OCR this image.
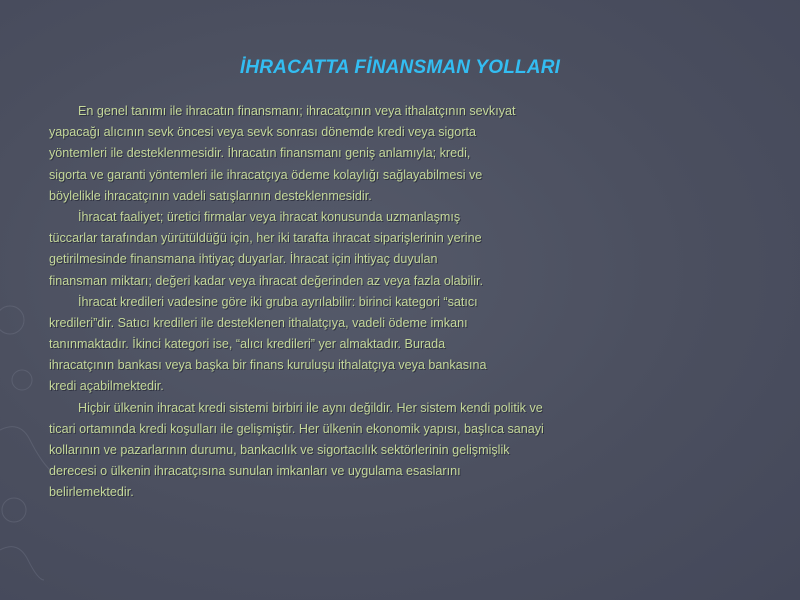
İHRACATTA FİNANSMAN YOLLARI
En genel tanımı ile ihracatın finansmanı; ihracatçının veya ithalatçının sevkıyat
yapacağı alıcının sevk öncesi veya sevk sonrası dönemde kredi veya sigorta
yöntemleri ile desteklenmesidir. İhracatın finansmanı geniş anlamıyla; kredi,
sigorta ve garanti yöntemleri ile ihracatçıya ödeme kolaylığı sağlayabilmesi ve
böylelikle ihracatçının vadeli satışlarının desteklenmesidir.
İhracat faaliyet; üretici firmalar veya ihracat konusunda uzmanlaşmış
tüccarlar tarafından yürütüldüğü için, her iki tarafta ihracat siparişlerinin yerine
getirilmesinde finansmana ihtiyaç duyarlar. İhracat için ihtiyaç duyulan
finansman miktarı; değeri kadar veya ihracat değerinden az veya fazla olabilir.
İhracat kredileri vadesine göre iki gruba ayrılabilir: birinci kategori “satıcı
kredileri”dir. Satıcı kredileri ile desteklenen ithalatçıya, vadeli ödeme imkanı
tanınmaktadır. İkinci kategori ise, “alıcı kredileri” yer almaktadır. Burada
ihracatçının bankası veya başka bir finans kuruluşu ithalatçıya veya bankasına
kredi açabilmektedir.
Hiçbir ülkenin ihracat kredi sistemi birbiri ile aynı değildir. Her sistem kendi politik ve
ticari ortamında kredi koşulları ile gelişmiştir. Her ülkenin ekonomik yapısı, başlıca sanayi
kollarının ve pazarlarının durumu, bankacılık ve sigortacılık sektörlerinin gelişmişlik
derecesi o ülkenin ihracatçısına sunulan imkanları ve uygulama esaslarını
belirlemektedir.
